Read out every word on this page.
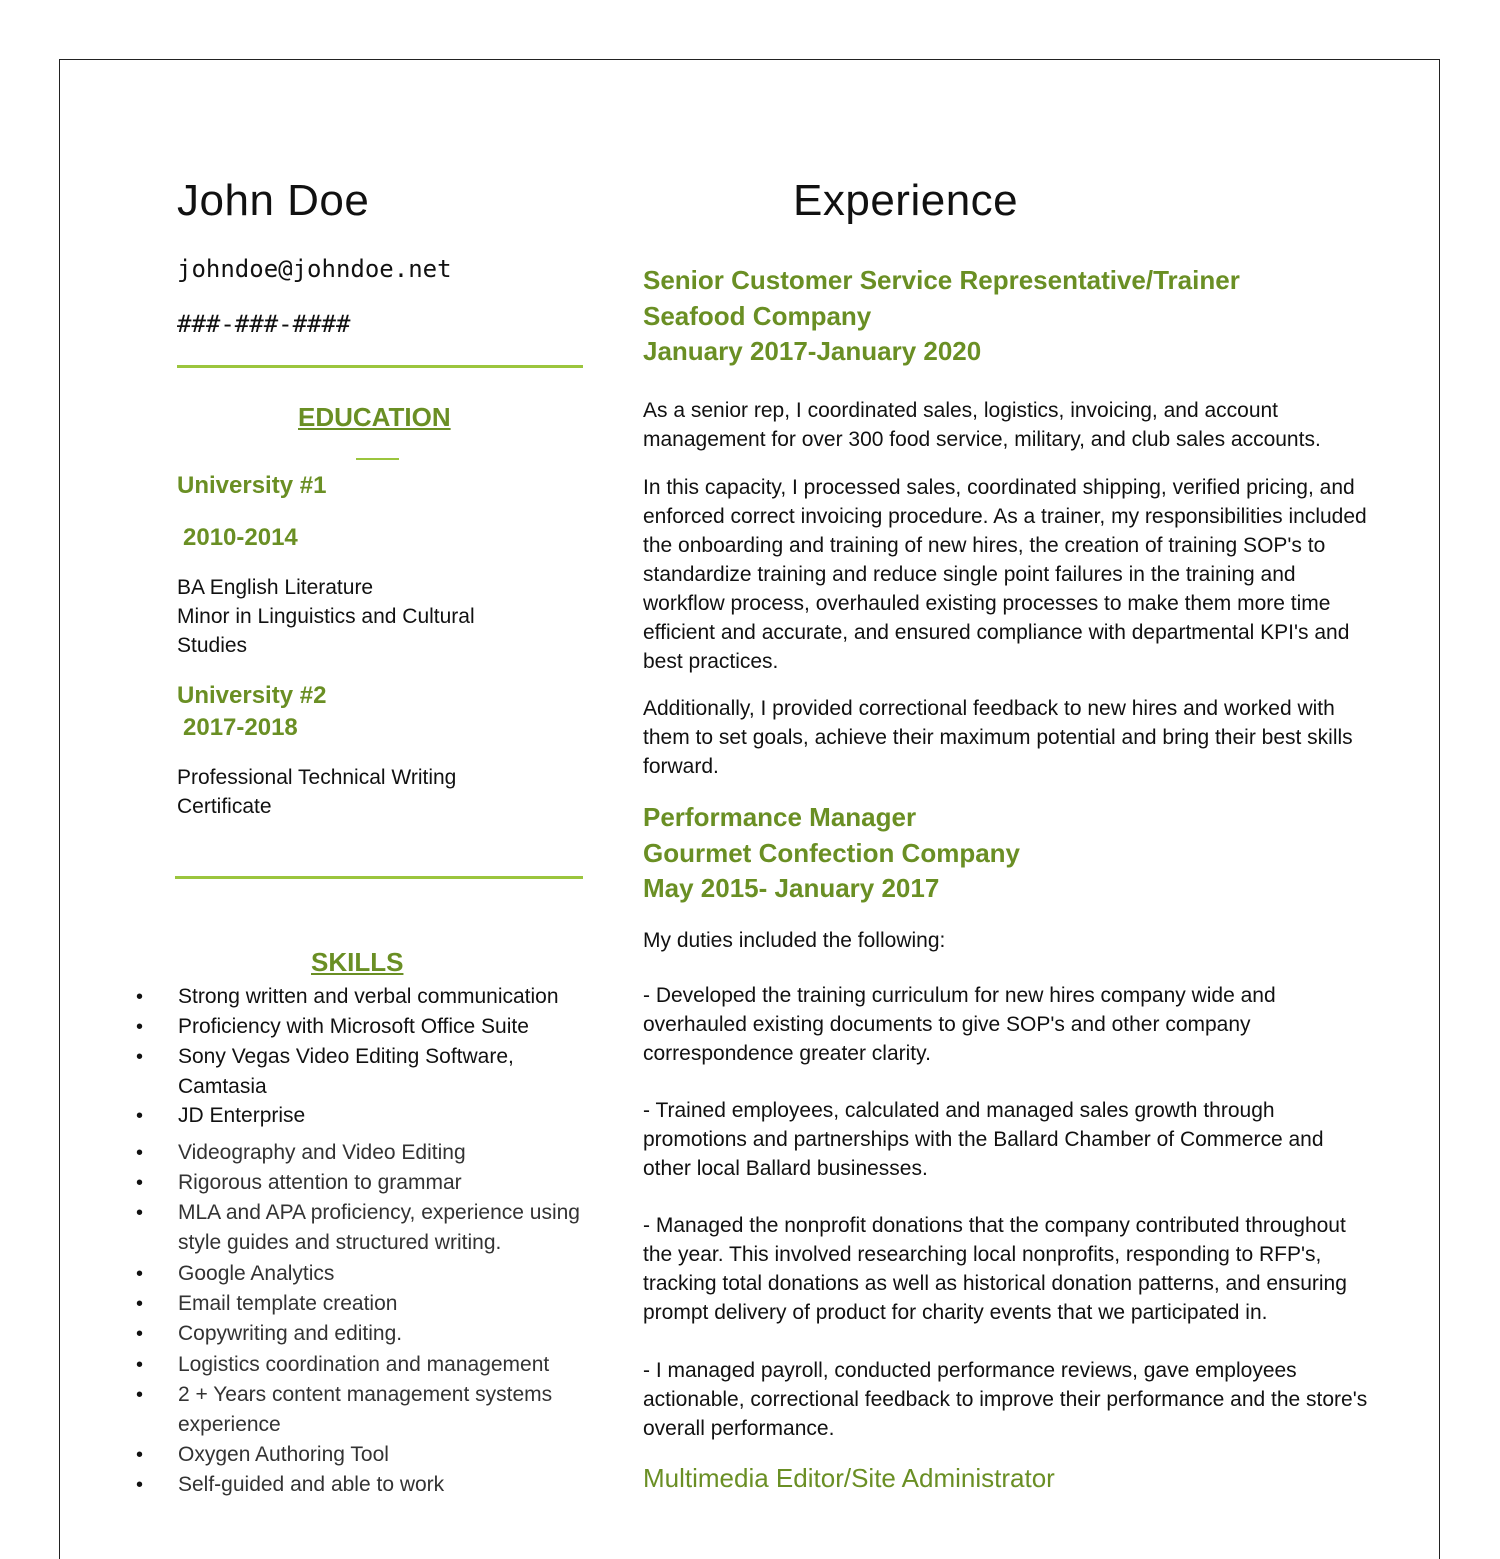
John Doe
johndoe@johndoe.net
###-###-####
EDUCATION
University #1
2010-2014
BA English Literature
Minor in Linguistics and Cultural
Studies
University #2
2017-2018
Professional Technical Writing
Certificate
SKILLS
• Strong written and verbal communication
• Proficiency with Microsoft Office Suite
• Sony Vegas Video Editing Software,
Camtasia
• JD Enterprise
• Videography and Video Editing
• Rigorous attention to grammar
• MLA and APA proficiency, experience using
style guides and structured writing.
• Google Analytics
• Email template creation
• Copywriting and editing.
• Logistics coordination and management
• 2 + Years content management systems
experience
• Oxygen Authoring Tool
• Self-guided and able to work
Experience
Senior Customer Service Representative/Trainer
Seafood Company
January 2017-January 2020
As a senior rep, I coordinated sales, logistics, invoicing, and account
management for over 300 food service, military, and club sales accounts.
In this capacity, I processed sales, coordinated shipping, verified pricing, and
enforced correct invoicing procedure. As a trainer, my responsibilities included
the onboarding and training of new hires, the creation of training SOP's to
standardize training and reduce single point failures in the training and
workflow process, overhauled existing processes to make them more time
efficient and accurate, and ensured compliance with departmental KPI's and
best practices.
Additionally, I provided correctional feedback to new hires and worked with
them to set goals, achieve their maximum potential and bring their best skills
forward.
Performance Manager
Gourmet Confection Company
May 2015- January 2017
My duties included the following:
- Developed the training curriculum for new hires company wide and
overhauled existing documents to give SOP's and other company
correspondence greater clarity.
- Trained employees, calculated and managed sales growth through
promotions and partnerships with the Ballard Chamber of Commerce and
other local Ballard businesses.
- Managed the nonprofit donations that the company contributed throughout
the year. This involved researching local nonprofits, responding to RFP's,
tracking total donations as well as historical donation patterns, and ensuring
prompt delivery of product for charity events that we participated in.
- I managed payroll, conducted performance reviews, gave employees
actionable, correctional feedback to improve their performance and the store's
overall performance.
Multimedia Editor/Site Administrator
